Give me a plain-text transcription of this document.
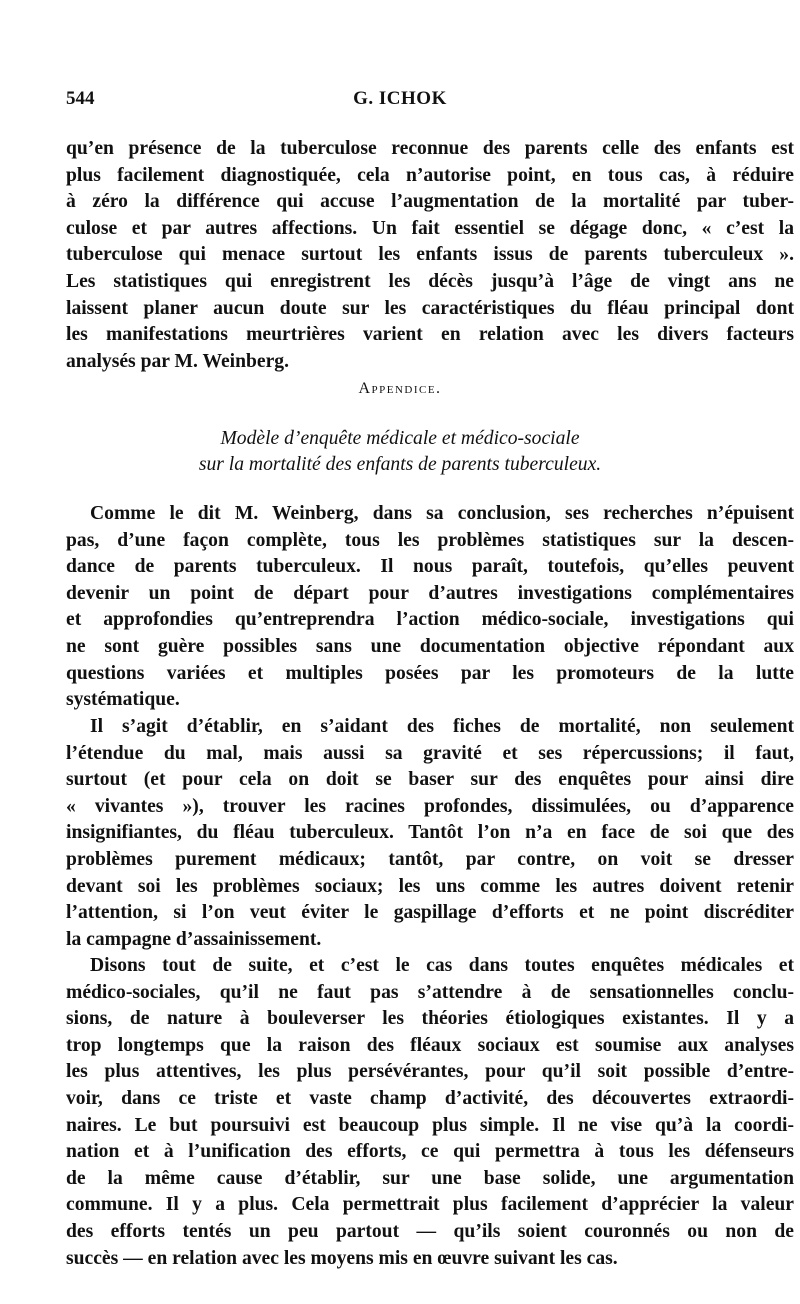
544	G. ICHOK
qu’en présence de la tuberculose reconnue des parents celle des enfants est
plus facilement diagnostiquée, cela n’autorise point, en tous cas, à réduire
à zéro la différence qui accuse l’augmentation de la mortalité par tuber-
culose et par autres affections. Un fait essentiel se dégage donc, « c’est la
tuberculose qui menace surtout les enfants issus de parents tuberculeux ».
Les statistiques qui enregistrent les décès jusqu’à l’âge de vingt ans ne
laissent planer aucun doute sur les caractéristiques du fléau principal dont
les manifestations meurtrières varient en relation avec les divers facteurs
analysés par M. Weinberg.
Appendice.
Modèle d’enquête médicale et médico-sociale
sur la mortalité des enfants de parents tuberculeux.
Comme le dit M. Weinberg, dans sa conclusion, ses recherches n’épuisent
pas, d’une façon complète, tous les problèmes statistiques sur la descen-
dance de parents tuberculeux. Il nous paraît, toutefois, qu’elles peuvent
devenir un point de départ pour d’autres investigations complémentaires
et approfondies qu’entreprendra l’action médico-sociale, investigations qui
ne sont guère possibles sans une documentation objective répondant aux
questions variées et multiples posées par les promoteurs de la lutte
systématique.
Il s’agit d’établir, en s’aidant des fiches de mortalité, non seulement
l’étendue du mal, mais aussi sa gravité et ses répercussions; il faut,
surtout (et pour cela on doit se baser sur des enquêtes pour ainsi dire
« vivantes »), trouver les racines profondes, dissimulées, ou d’apparence
insignifiantes, du fléau tuberculeux. Tantôt l’on n’a en face de soi que des
problèmes purement médicaux; tantôt, par contre, on voit se dresser
devant soi les problèmes sociaux; les uns comme les autres doivent retenir
l’attention, si l’on veut éviter le gaspillage d’efforts et ne point discréditer
la campagne d’assainissement.
Disons tout de suite, et c’est le cas dans toutes enquêtes médicales et
médico-sociales, qu’il ne faut pas s’attendre à de sensationnelles conclu-
sions, de nature à bouleverser les théories étiologiques existantes. Il y a
trop longtemps que la raison des fléaux sociaux est soumise aux analyses
les plus attentives, les plus persévérantes, pour qu’il soit possible d’entre-
voir, dans ce triste et vaste champ d’activité, des découvertes extraordi-
naires. Le but poursuivi est beaucoup plus simple. Il ne vise qu’à la coordi-
nation et à l’unification des efforts, ce qui permettra à tous les défenseurs
de la même cause d’établir, sur une base solide, une argumentation
commune. Il y a plus. Cela permettrait plus facilement d’apprécier la valeur
des efforts tentés un peu partout — qu’ils soient couronnés ou non de
succès — en relation avec les moyens mis en œuvre suivant les cas.
